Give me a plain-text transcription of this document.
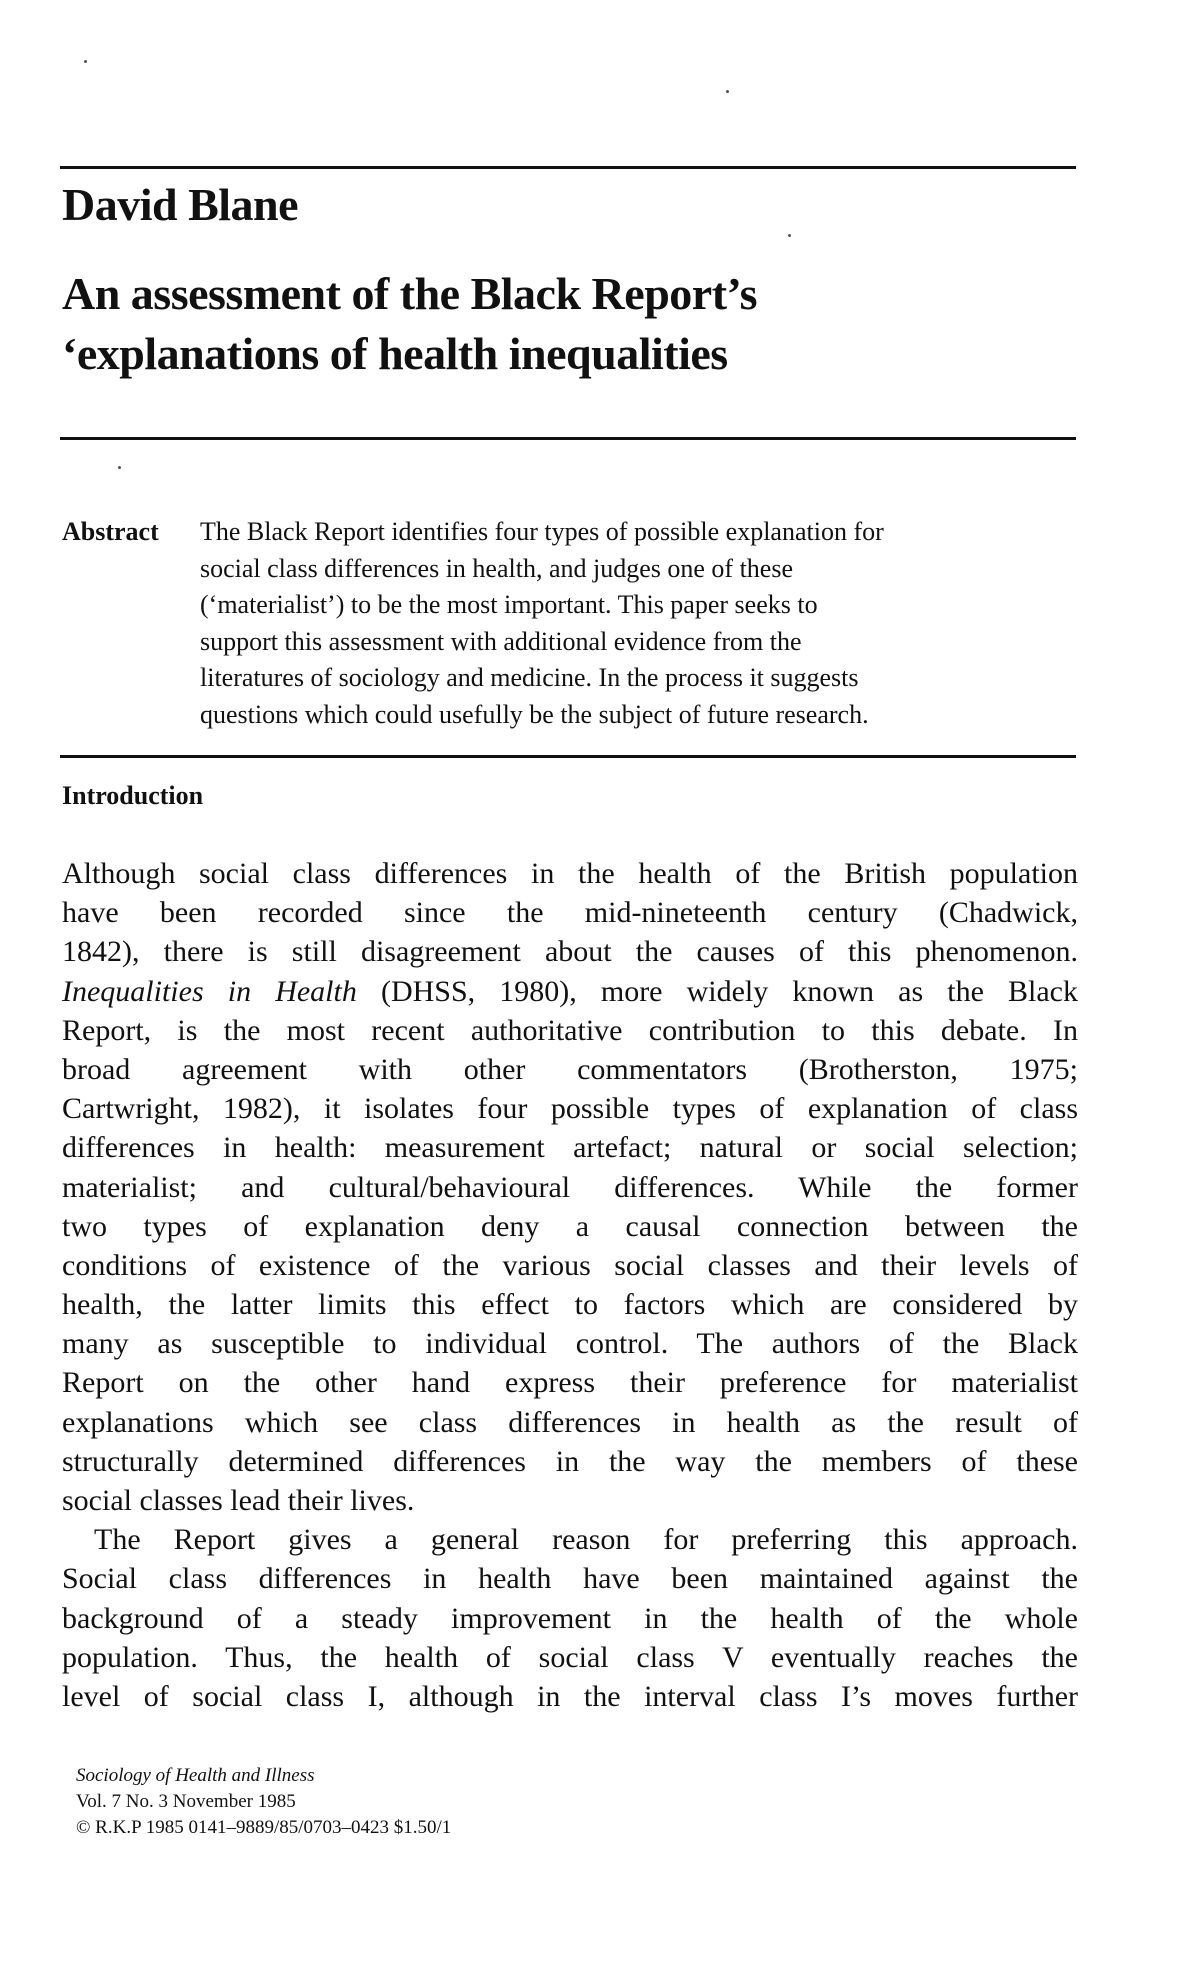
David Blane
An assessment of the Black Report’s
‘explanations of health inequalities
Abstract The Black Report identifies four types of possible explanation for
social class differences in health, and judges one of these
(‘materialist’) to be the most important. This paper seeks to
support this assessment with additional evidence from the
literatures of sociology and medicine. In the process it suggests
questions which could usefully be the subject of future research.
Introduction
Although social class differences in the health of the British population
have been recorded since the mid-nineteenth century (Chadwick,
1842), there is still disagreement about the causes of this phenomenon.
Inequalities in Health (DHSS, 1980), more widely known as the Black
Report, is the most recent authoritative contribution to this debate. In
broad agreement with other commentators (Brotherston, 1975;
Cartwright, 1982), it isolates four possible types of explanation of class
differences in health: measurement artefact; natural or social selection;
materialist; and cultural/behavioural differences. While the former
two types of explanation deny a causal connection between the
conditions of existence of the various social classes and their levels of
health, the latter limits this effect to factors which are considered by
many as susceptible to individual control. The authors of the Black
Report on the other hand express their preference for materialist
explanations which see class differences in health as the result of
structurally determined differences in the way the members of these
social classes lead their lives.
The Report gives a general reason for preferring this approach.
Social class differences in health have been maintained against the
background of a steady improvement in the health of the whole
population. Thus, the health of social class V eventually reaches the
level of social class I, although in the interval class I’s moves further
Sociology of Health and Illness
Vol. 7 No. 3 November 1985
© R.K.P 1985 0141–9889/85/0703–0423 $1.50/1
